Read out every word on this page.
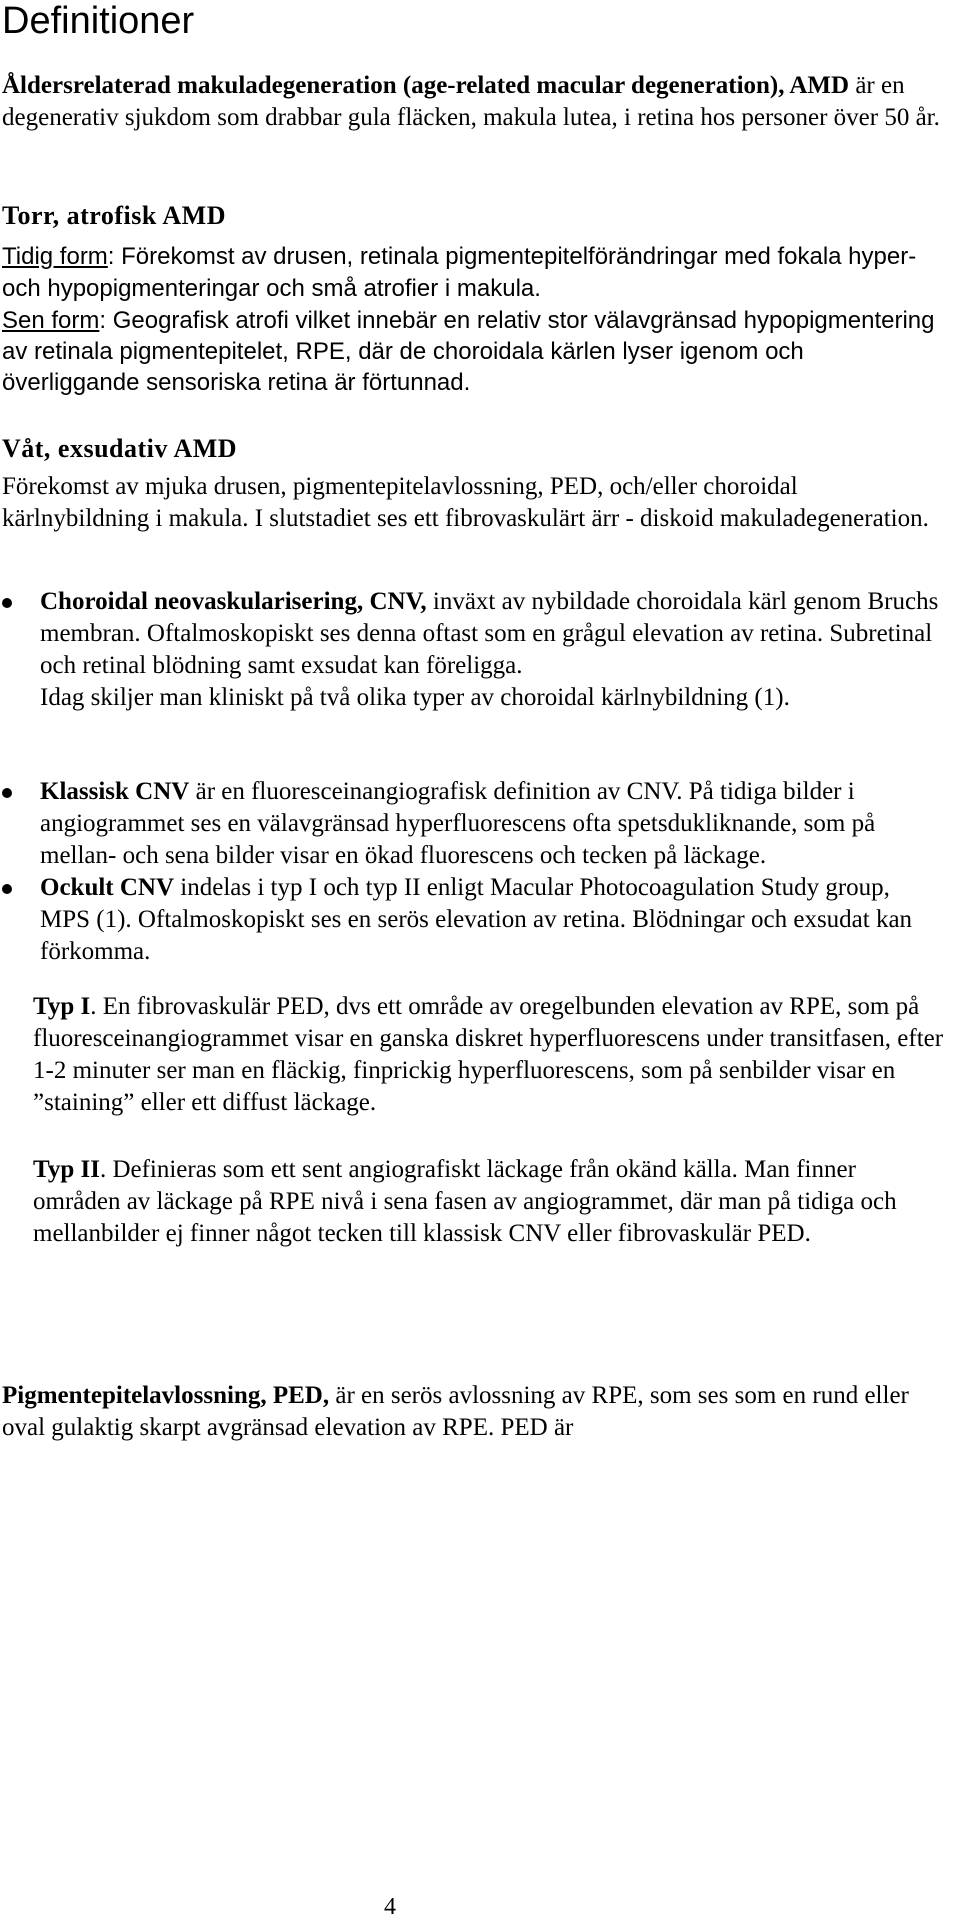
Definitioner

Åldersrelaterad makuladegeneration (age-related macular degeneration), AMD är en degenerativ sjukdom som drabbar gula fläcken, makula lutea, i retina hos personer över 50 år.

Torr, atrofisk AMD

Tidig form: Förekomst av drusen, retinala pigmentepitelförändringar med fokala hyper- och hypopigmenteringar och små atrofier i makula.

Sen form: Geografisk atrofi vilket innebär en relativ stor välavgränsad hypopigmentering av retinala pigmentepitelet, RPE, där de choroidala kärlen lyser igenom och överliggande sensoriska retina är förtunnad.

Våt, exsudativ AMD

Förekomst av mjuka drusen, pigmentepitelavlossning, PED, och/eller choroidal kärlnybildning i makula. I slutstadiet ses ett fibrovaskulärt ärr - diskoid makuladegeneration.

Choroidal neovaskularisering, CNV, inväxt av nybildade choroidala kärl genom Bruchs membran. Oftalmoskopiskt ses denna oftast som en grågul elevation av retina. Subretinal och retinal blödning samt exsudat kan föreligga.
Idag skiljer man kliniskt på två olika typer av choroidal kärlnybildning (1).

Klassisk CNV är en fluoresceinangiografisk definition av CNV. På tidiga bilder i angiogrammet ses en välavgränsad hyperfluorescens ofta spetsdukliknande, som på mellan- och sena bilder visar en ökad fluorescens och tecken på läckage.

Ockult CNV indelas i typ I och typ II enligt Macular Photocoagulation Study group, MPS (1). Oftalmoskopiskt ses en serös elevation av retina. Blödningar och exsudat kan förkomma.

Typ I. En fibrovaskulär PED, dvs ett område av oregelbunden elevation av RPE, som på fluoresceinangiogrammet visar en ganska diskret hyperfluorescens under transitfasen, efter 1-2 minuter ser man en fläckig, finprickig hyperfluorescens, som på senbilder visar en ”staining” eller ett diffust läckage.

Typ II. Definieras som ett sent angiografiskt läckage från okänd källa. Man finner områden av läckage på RPE nivå i sena fasen av angiogrammet, där man på tidiga och mellanbilder ej finner något tecken till klassisk CNV eller fibrovaskulär PED.

Pigmentepitelavlossning, PED, är en serös avlossning av RPE, som ses som en rund eller oval gulaktig skarpt avgränsad elevation av RPE. PED är

4
